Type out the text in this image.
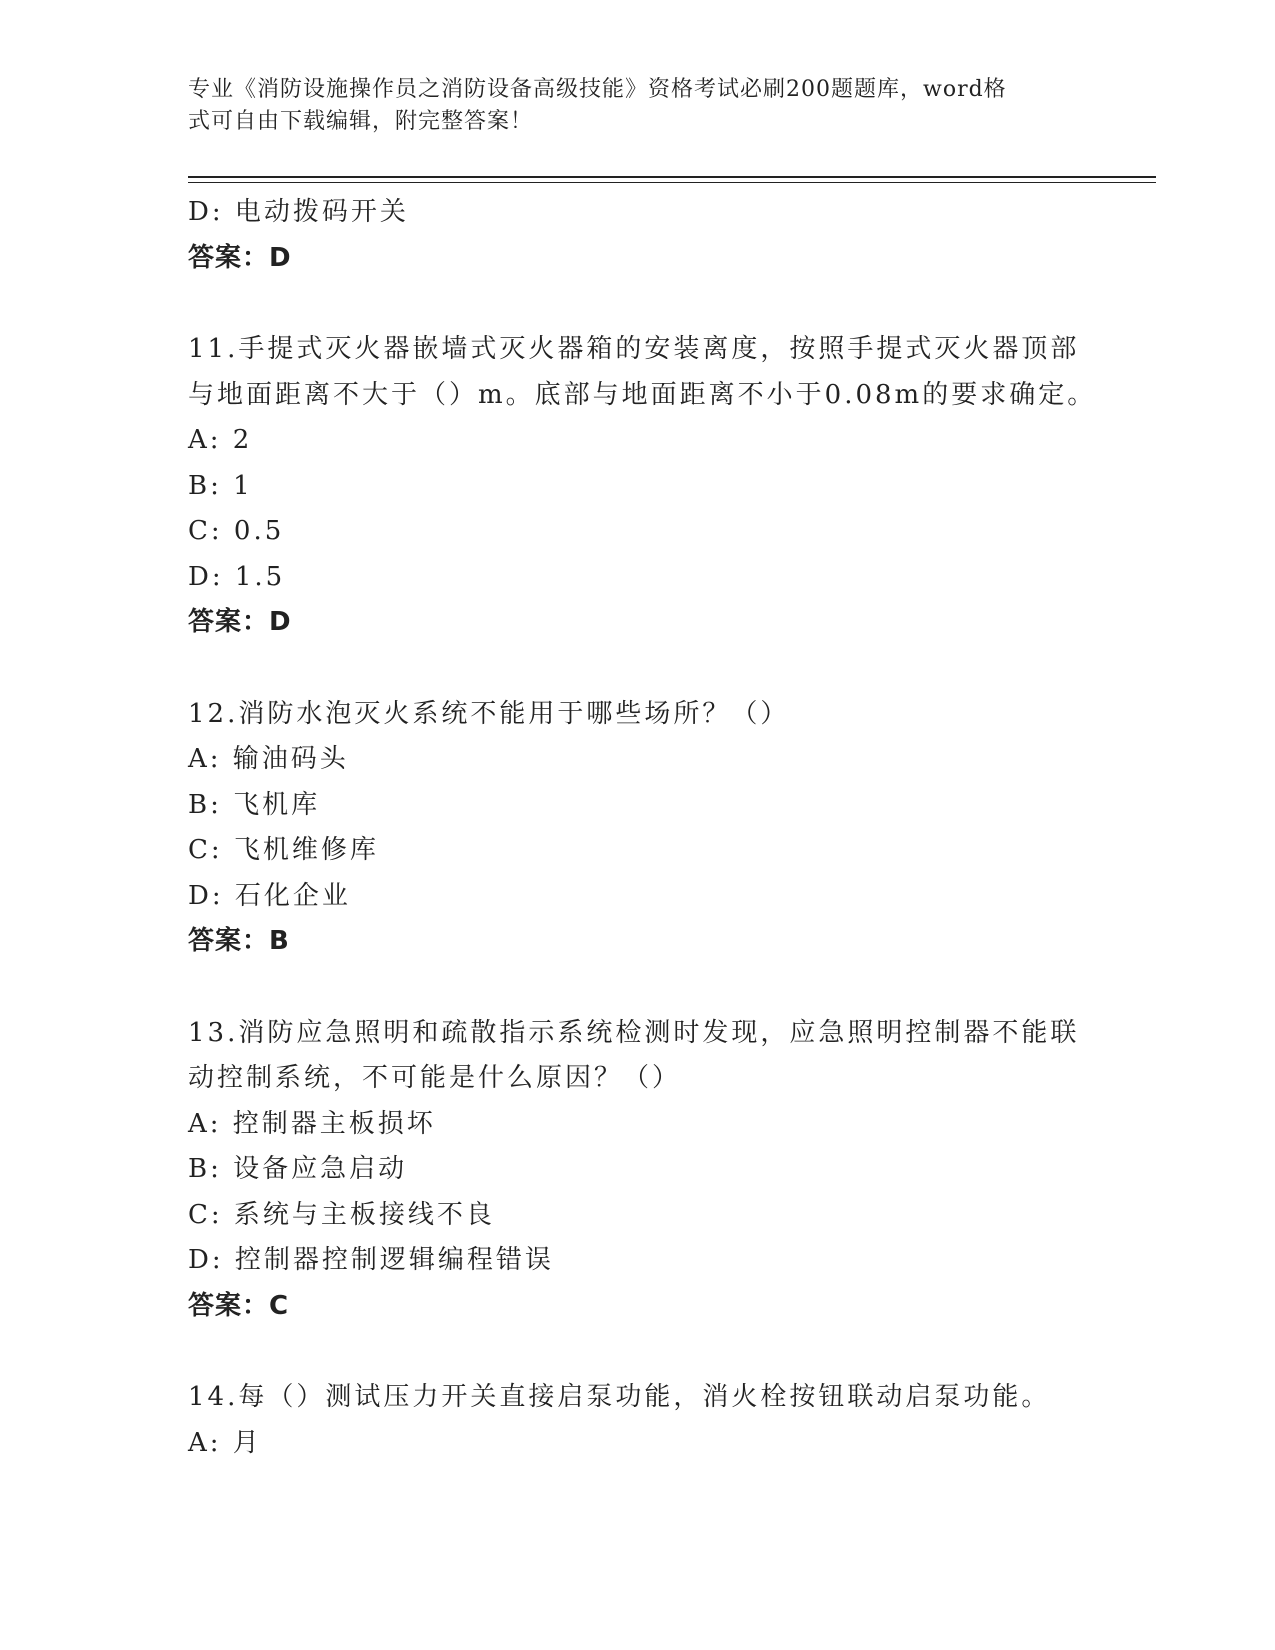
专业《消防设施操作员之消防设备高级技能》资格考试必刷200题题库，word格
式可自由下载编辑，附完整答案！
D: 电动拨码开关
答案：D
11.手提式灭火器嵌墙式灭火器箱的安装离度，按照手提式灭火器顶部
与地面距离不大于（）m。底部与地面距离不小于0.08m的要求确定。
A: 2
B: 1
C: 0.5
D: 1.5
答案：D
12.消防水泡灭火系统不能用于哪些场所？（）
A: 输油码头
B: 飞机库
C: 飞机维修库
D: 石化企业
答案：B
13.消防应急照明和疏散指示系统检测时发现，应急照明控制器不能联
动控制系统，不可能是什么原因？（）
A: 控制器主板损坏
B: 设备应急启动
C: 系统与主板接线不良
D: 控制器控制逻辑编程错误
答案：C
14.每（）测试压力开关直接启泵功能，消火栓按钮联动启泵功能。
A: 月
